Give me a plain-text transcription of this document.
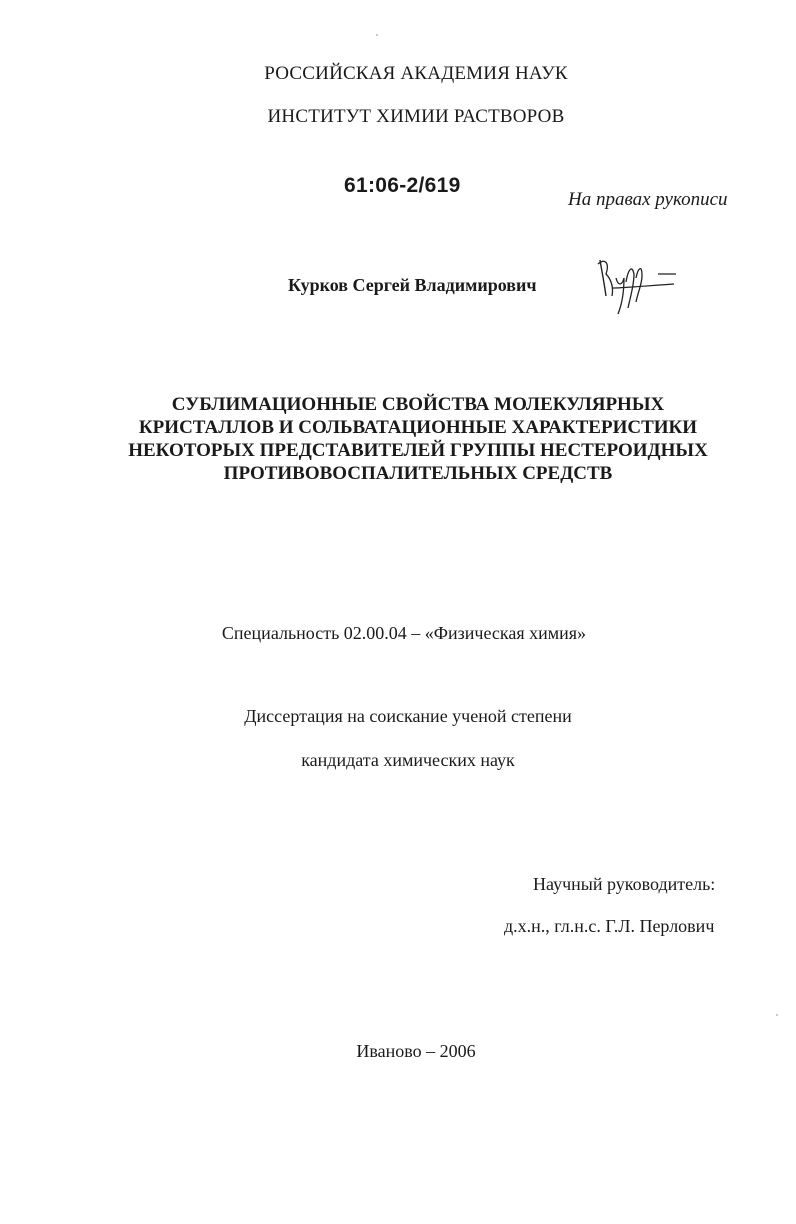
РОССИЙСКАЯ АКАДЕМИЯ НАУК
ИНСТИТУТ ХИМИИ РАСТВОРОВ
61:06-2/619
На правах рукописи
Курков Сергей Владимирович
СУБЛИМАЦИОННЫЕ СВОЙСТВА МОЛЕКУЛЯРНЫХ
КРИСТАЛЛОВ И СОЛЬВАТАЦИОННЫЕ ХАРАКТЕРИСТИКИ
НЕКОТОРЫХ ПРЕДСТАВИТЕЛЕЙ ГРУППЫ НЕСТЕРОИДНЫХ
ПРОТИВОВОСПАЛИТЕЛЬНЫХ СРЕДСТВ
Специальность 02.00.04 – «Физическая химия»
Диссертация на соискание ученой степени
кандидата химических наук
Научный руководитель:
д.х.н., гл.н.с. Г.Л. Перлович
Иваново – 2006
